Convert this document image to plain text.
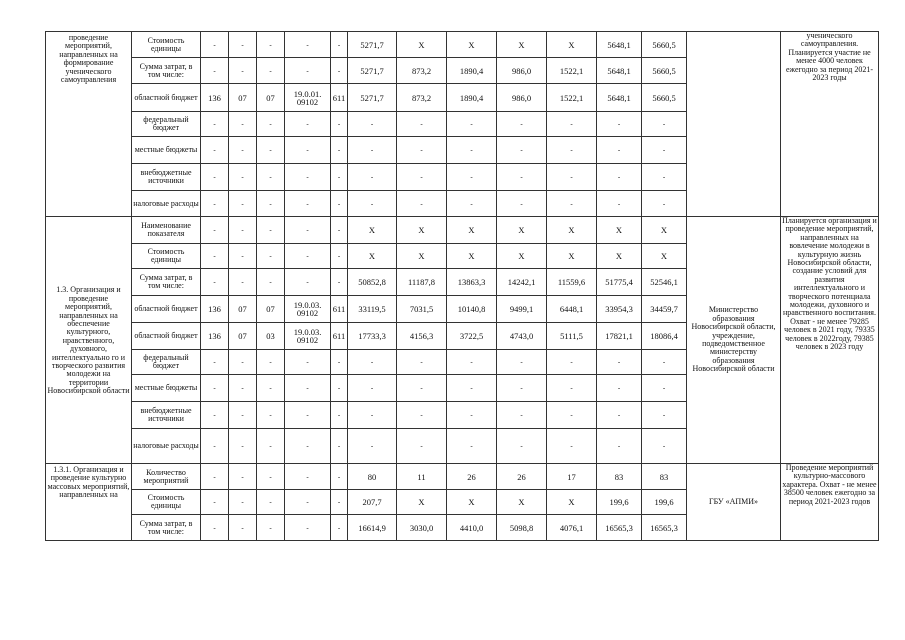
проведение мероприятий, направленных на формирование ученического самоуправления	Стоимость единицы	-	-	-	-	-	5271,7	X	X	X	X	5648,1	5660,5		ученического самоуправления. Планируется участие не менее 4000 человек ежегодно за период 2021-2023 годы
	Сумма затрат, в том числе:	-	-	-	-	-	5271,7	873,2	1890,4	986,0	1522,1	5648,1	5660,5		
	областной бюджет	136	07	07	19.0.01. 09102	611	5271,7	873,2	1890,4	986,0	1522,1	5648,1	5660,5		
	федеральный бюджет	-	-	-	-	-	-	-	-	-	-	-	-		
	местные бюджеты	-	-	-	-	-	-	-	-	-	-	-	-		
	внебюджетные источники	-	-	-	-	-	-	-	-	-	-	-	-		
	налоговые расходы	-	-	-	-	-	-	-	-	-	-	-	-		
1.3. Организация и проведение мероприятий, направленных на обеспечение культурного, нравственного, духовного, интеллектуально го и творческого развития молодежи на территории Новосибирской области	Наименование показателя	-	-	-	-	-	X	X	X	X	X	X	X	Министерство образования Новосибирской области, учреждение, подведомственное министерству образования Новосибирской области	Планируется организация и проведение мероприятий, направленных на вовлечение молодежи в культурную жизнь Новосибирской области, создание условий для развития интеллектуального и творческого потенциала молодежи, духовного и нравственного воспитания. Охват - не менее 79285 человек в 2021 году, 79335 человек в 2022году, 79385 человек в 2023 году
	Стоимость единицы	-	-	-	-	-	X	X	X	X	X	X	X		
	Сумма затрат, в том числе:	-	-	-	-	-	50852,8	11187,8	13863,3	14242,1	11559,6	51775,4	52546,1		
	областной бюджет	136	07	07	19.0.03. 09102	611	33119,5	7031,5	10140,8	9499,1	6448,1	33954,3	34459,7		
	областной бюджет	136	07	03	19.0.03. 09102	611	17733,3	4156,3	3722,5	4743,0	5111,5	17821,1	18086,4		
	федеральный бюджет	-	-	-	-	-	-	-	-	-	-	-	-		
	местные бюджеты	-	-	-	-	-	-	-	-	-	-	-	-		
	внебюджетные источники	-	-	-	-	-	-	-	-	-	-	-	-		
	налоговые расходы	-	-	-	-	-	-	-	-	-	-	-	-		
1.3.1. Организация и проведение культурно массовых мероприятий, направленных на	Количество мероприятий	-	-	-	-	-	80	11	26	26	17	83	83	ГБУ «АПМИ»	Проведение мероприятий культурно-массового характера. Охват - не менее 38500 человек ежегодно за период 2021-2023 годов
	Стоимость единицы	-	-	-	-	-	207,7	X	X	X	X	199,6	199,6		
	Сумма затрат, в том числе:	-	-	-	-	-	16614,9	3030,0	4410,0	5098,8	4076,1	16565,3	16565,3		
